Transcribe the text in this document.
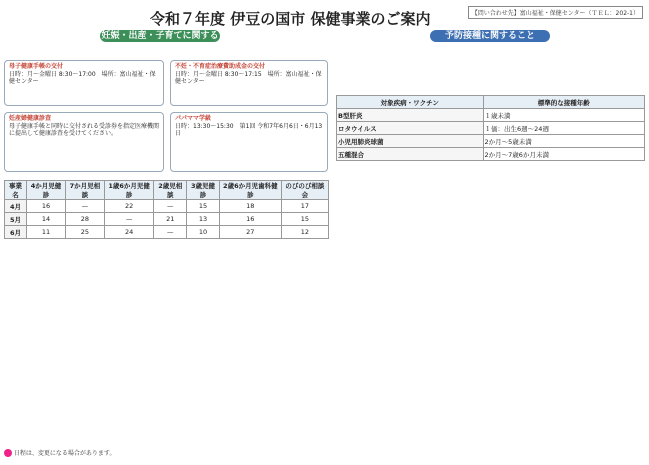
令和７年度 伊豆の国市 保健事業のご案内	【問い合わせ先】富山福祉・保健センター（ＴＥＬ：202-1）
妊娠・出産・子育てに関すること
予防接種に関すること
母子健康手帳の交付
日時：月～金曜日 8:30～17:00　場所：富山福祉・保健センター
不妊・不育症治療費助成金の交付
日時：月～金曜日 8:30～17:15　場所：富山福祉・保健センター
妊産婦健康診査
母子健康手帳と同時に交付される受診券を指定医療機関に提出して健康診査を受けてください。
パパママ学級
日時：13:30～15:30　第1回 令和7年6月6日・6月13日
事業名	4か月児健診	7か月児相談	1歳6か月児健診	2歳児相談	3歳児健診	2歳6か月児歯科健診	のびのび相談会
4月	16	—	22	—	15	18	17
5月	14	28	—	21	13	16	15
6月	11	25	24	—	10	27	12
対象疾病・ワクチン	標準的な接種年齢
B型肝炎	１歳未満
ロタウイルス	１価：出生6週～24週
小児用肺炎球菌	2か月～5歳未満
五種混合	2か月～7歳6か月未満
日程は、変更になる場合があります。
